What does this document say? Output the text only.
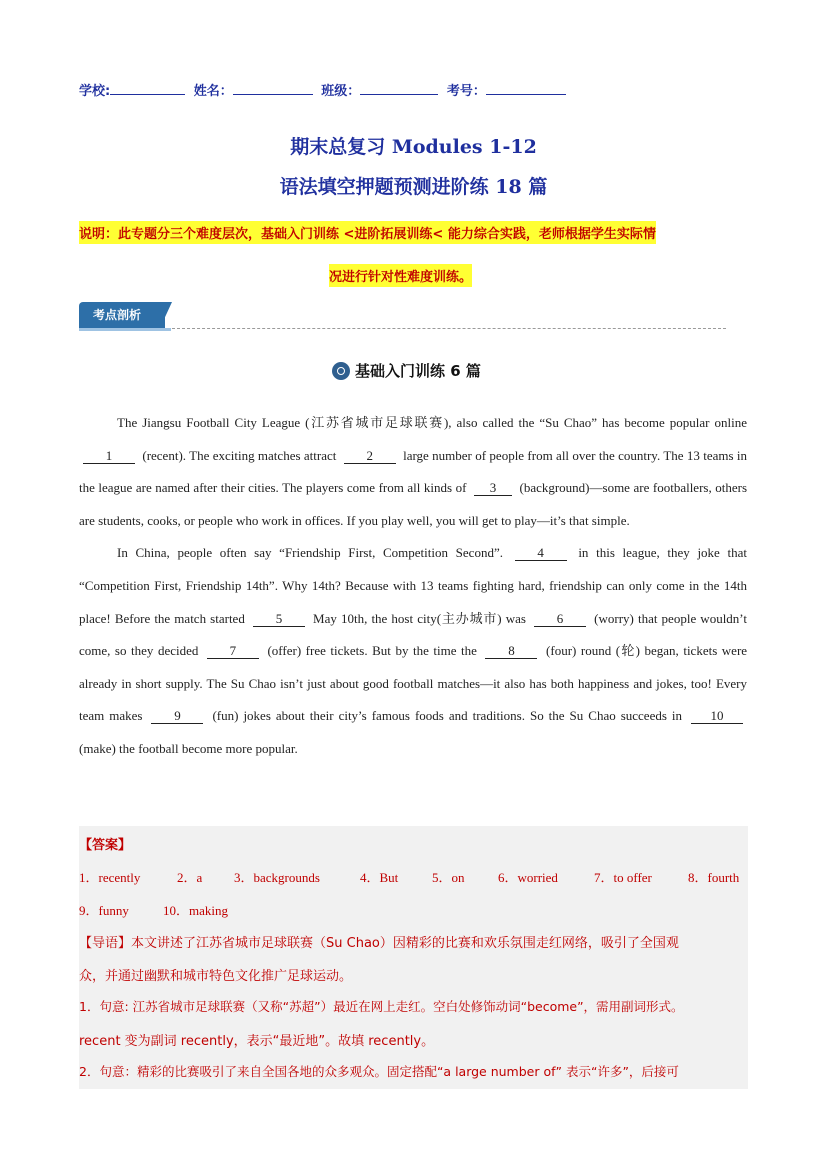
学校:	姓名：	班级：	考号：
期末总复习 Modules 1-12
语法填空押题预测进阶练 18 篇
说明：此专题分三个难度层次，基础入门训练 <进阶拓展训练< 能力综合实践，老师根据学生实际情
况进行针对性难度训练。
考点剖析
基础入门训练 6 篇

The Jiangsu Football City League (江苏省城市足球联赛), also called the “Su Chao” has become popular online 1 (recent). The exciting matches attract 2 large number of people from all over the country. The 13 teams in the league are named after their cities. The players come from all kinds of 3 (background)—some are footballers, others are students, cooks, or people who work in offices. If you play well, you will get to play—it’s that simple.

In China, people often say “Friendship First, Competition Second”.	4	in this league, they joke that “Competition First, Friendship 14th”. Why 14th? Because with 13 teams fighting hard, friendship can only come in the 14th place! Before the match started 5 May 10th, the host city(主办城市) was 6 (worry) that people wouldn’t come, so they decided 7 (offer) free tickets. But by the time the 8 (four) round (轮) began, tickets were already in short supply. The Su Chao isn’t just about good football matches—it also has both happiness and jokes, too! Every team makes 9 (fun) jokes about their city’s famous foods and traditions. So the Su Chao succeeds in 10 (make) the football become more popular.

【答案】
1．recently	2．a 3．backgrounds	4．But	5．on	6．worried	7．to offer	8．fourth
9．funny	10．making
【导语】本文讲述了江苏省城市足球联赛（Su Chao）因精彩的比赛和欢乐氛围走红网络，吸引了全国观
众，并通过幽默和城市特色文化推广足球运动。
1．句意: 江苏省城市足球联赛（又称“苏超”）最近在网上走红。空白处修饰动词“become”，需用副词形式。
recent 变为副词 recently，表示“最近地”。故填 recently。
2．句意：精彩的比赛吸引了来自全国各地的众多观众。固定搭配“a large number of” 表示“许多”，后接可
